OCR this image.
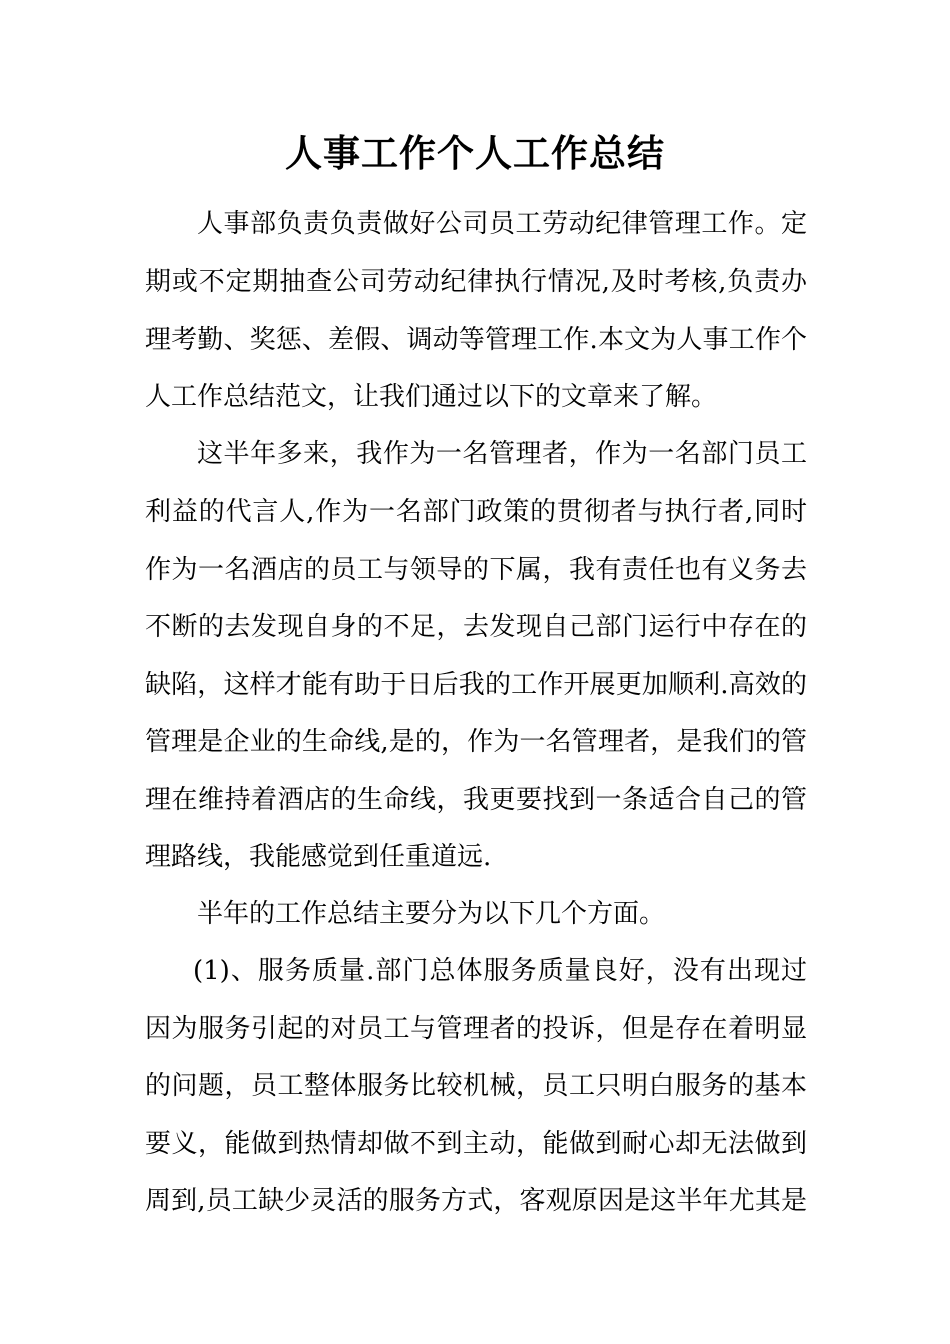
人事工作个人工作总结
人事部负责负责做好公司员工劳动纪律管理工作。定
期或不定期抽查公司劳动纪律执行情况,及时考核,负责办
理考勤、奖惩、差假、调动等管理工作.本文为人事工作个
人工作总结范文，让我们通过以下的文章来了解。
这半年多来，我作为一名管理者，作为一名部门员工
利益的代言人,作为一名部门政策的贯彻者与执行者,同时
作为一名酒店的员工与领导的下属，我有责任也有义务去
不断的去发现自身的不足，去发现自己部门运行中存在的
缺陷，这样才能有助于日后我的工作开展更加顺利.高效的
管理是企业的生命线,是的，作为一名管理者，是我们的管
理在维持着酒店的生命线，我更要找到一条适合自己的管
理路线，我能感觉到任重道远.
半年的工作总结主要分为以下几个方面。
(1)、服务质量.部门总体服务质量良好，没有出现过
因为服务引起的对员工与管理者的投诉，但是存在着明显
的问题，员工整体服务比较机械，员工只明白服务的基本
要义，能做到热情却做不到主动，能做到耐心却无法做到
周到,员工缺少灵活的服务方式，客观原因是这半年尤其是
